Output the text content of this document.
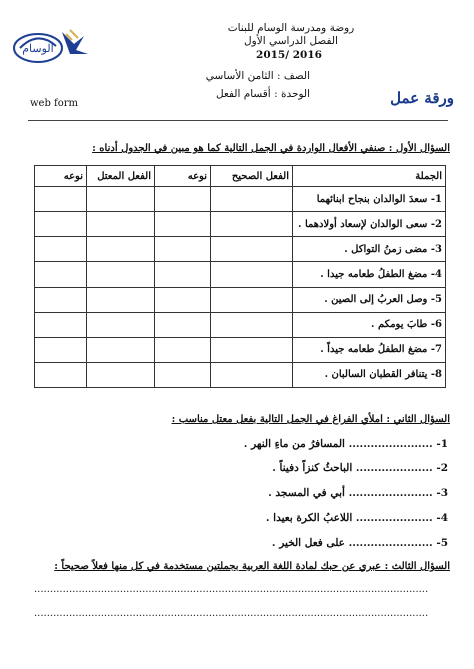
روضة ومدرسة الوسام للبنات
الفصل الدراسي الأول
2015/ 2016
الوسام
الصف : الثامن الأساسي
الوحدة : أقسام الفعل	ورقة عمل
web form
السؤال الأول : صنفي الأفعال الواردة في الجمل التالية كما هو مبين في الجدول أدناه :
الجملة	الفعل الصحيح	نوعه	الفعل المعتل	نوعه
1- سعدَ الوالدان بنجاح ابنائهما				
2- سعى الوالدان لإسعاد أولادهما .				
3- مضى زمنُ التواكل .				
4- مضغ الطفلُ طعامه جيدا .				
5- وصل العربُ إلى الصين .				
6- طابَ يومكم .				
7- مضغ الطفلُ طعامه جيداً .				
8- يتنافر القطبان السالبان .				
السؤال الثاني : املأي الفراغ في الجمل التالية بفعل معتل مناسب :
1- ....................... المسافرُ من ماءِ النهر .
2- ..................... الباحثُ كنزاً دفيناً .
3- ....................... أبي في المسجد .
4- ..................... اللاعبُ الكرة بعيدا .
5- ....................... على فعل الخير .
السؤال الثالث : عبري عن حبك لمادة اللغة العربية بجملتين مستخدمة في كل منها فعلاً صحيحاً :
............................................................................................................................
............................................................................................................................
